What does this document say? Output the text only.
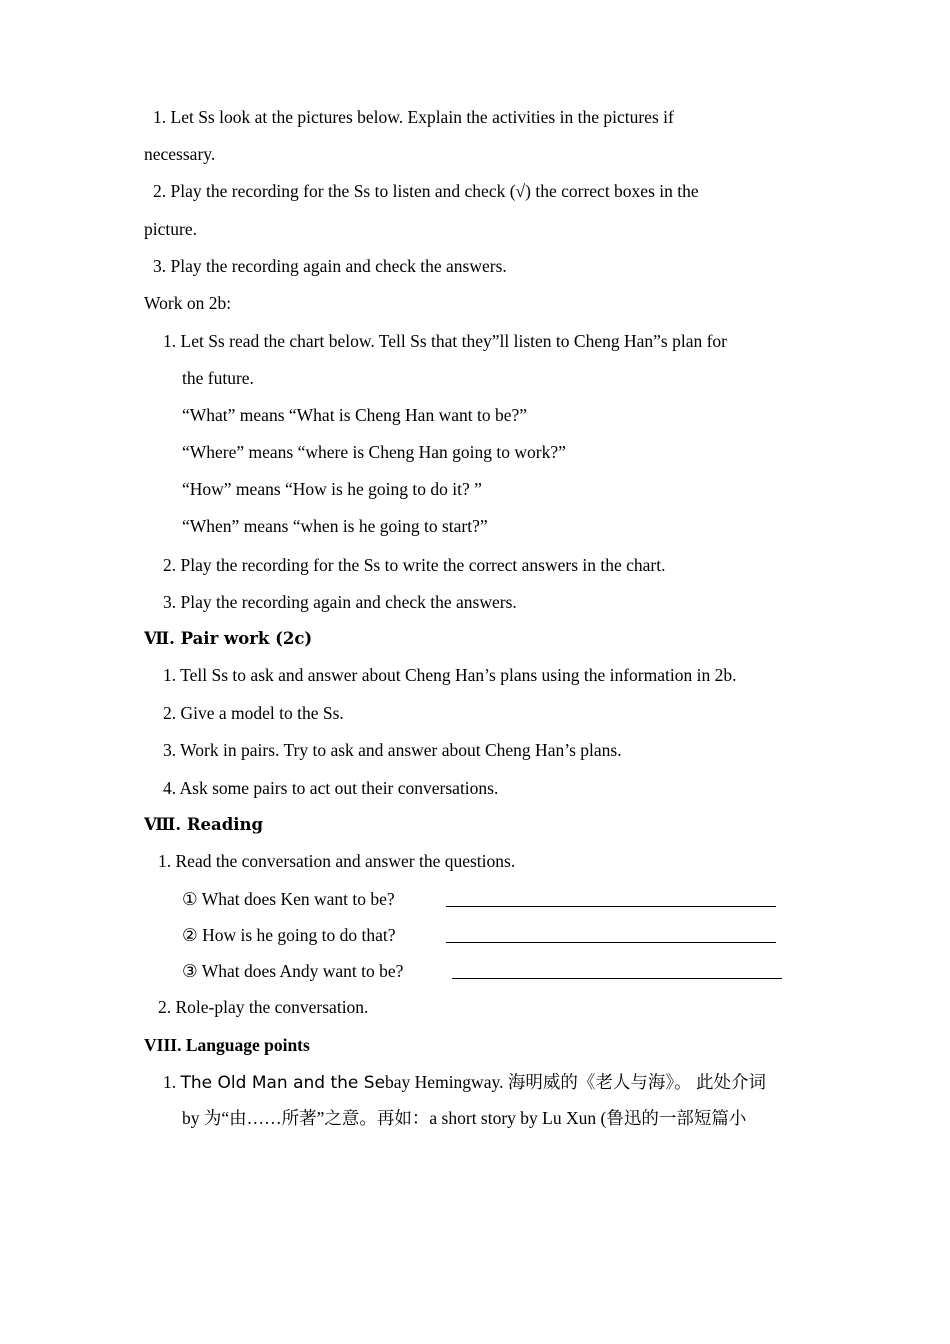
1. Let Ss look at the pictures below. Explain the activities in the pictures if
necessary.
2. Play the recording for the Ss to listen and check (√) the correct boxes in the
picture.
3. Play the recording again and check the answers.
Work on 2b:
1. Let Ss read the chart below. Tell Ss that they”ll listen to Cheng Han”s plan for
the future.
“What” means “What is Cheng Han want to be?”
“Where” means “where is Cheng Han going to work?”
“How” means “How is he going to do it? ”
“When” means “when is he going to start?”
2. Play the recording for the Ss to write the correct answers in the chart.
3. Play the recording again and check the answers.
Ⅶ. Pair work (2c)
1. Tell Ss to ask and answer about Cheng Han’s plans using the information in 2b.
2. Give a model to the Ss.
3. Work in pairs. Try to ask and answer about Cheng Han’s plans.
4. Ask some pairs to act out their conversations.
Ⅷ. Reading
1. Read the conversation and answer the questions.
① What does Ken want to be?
② How is he going to do that?
③ What does Andy want to be?
2. Role-play the conversation.
VIII. Language points
1. The Old Man and the Sebay Hemingway. 海明威的《老人与海》。 此处介词
by 为“由……所著”之意。再如：a short story by Lu Xun (鲁迅的一部短篇小
